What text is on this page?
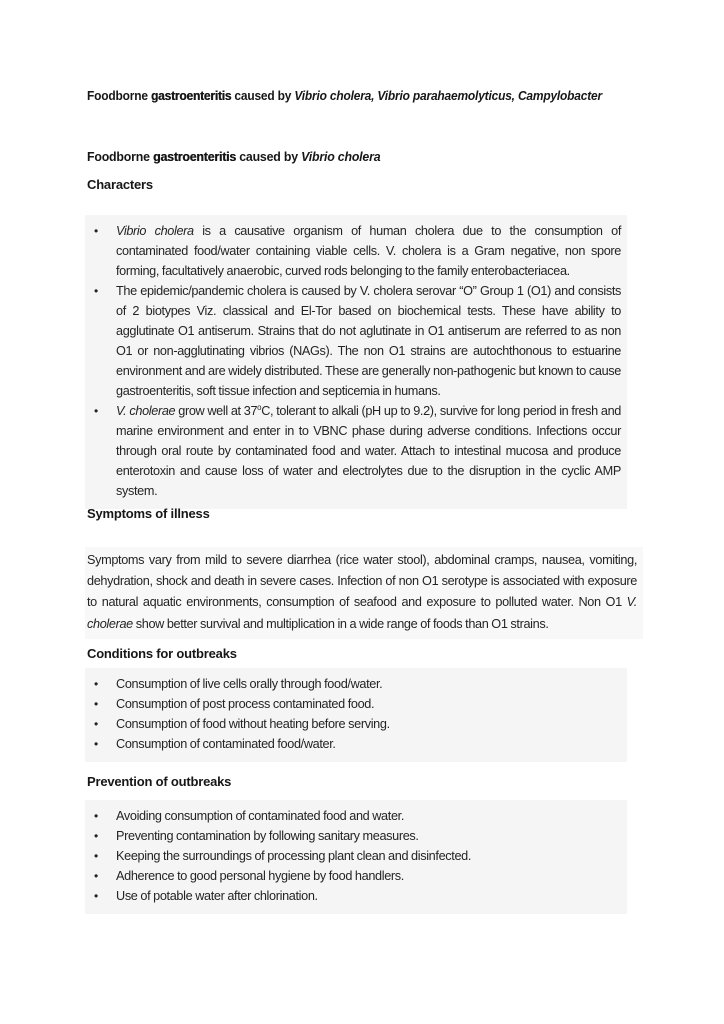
Foodborne gastroenteritis caused by Vibrio cholera, Vibrio parahaemolyticus, Campylobacter
Foodborne gastroenteritis caused by Vibrio cholera
Characters
• Vibrio cholera is a causative organism of human cholera due to the consumption of contaminated food/water containing viable cells. V. cholera is a Gram negative, non spore forming, facultatively anaerobic, curved rods belonging to the family enterobacteriacea.
• The epidemic/pandemic cholera is caused by V. cholera serovar “O” Group 1 (O1) and consists of 2 biotypes Viz. classical and El-Tor based on biochemical tests. These have ability to agglutinate O1 antiserum. Strains that do not aglutinate in O1 antiserum are referred to as non O1 or non-agglutinating vibrios (NAGs). The non O1 strains are autochthonous to estuarine environment and are widely distributed. These are generally non-pathogenic but known to cause gastroenteritis, soft tissue infection and septicemia in humans.
• V. cholerae grow well at 37$^o$C, tolerant to alkali (pH up to 9.2), survive for long period in fresh and marine environment and enter in to VBNC phase during adverse conditions. Infections occur through oral route by contaminated food and water. Attach to intestinal mucosa and produce enterotoxin and cause loss of water and electrolytes due to the disruption in the cyclic AMP system.
Symptoms of illness
Symptoms vary from mild to severe diarrhea (rice water stool), abdominal cramps, nausea, vomiting, dehydration, shock and death in severe cases. Infection of non O1 serotype is associated with exposure to natural aquatic environments, consumption of seafood and exposure to polluted water. Non O1 V. cholerae show better survival and multiplication in a wide range of foods than O1 strains.
Conditions for outbreaks
• Consumption of live cells orally through food/water.
• Consumption of post process contaminated food.
• Consumption of food without heating before serving.
• Consumption of contaminated food/water.
Prevention of outbreaks
• Avoiding consumption of contaminated food and water.
• Preventing contamination by following sanitary measures.
• Keeping the surroundings of processing plant clean and disinfected.
• Adherence to good personal hygiene by food handlers.
• Use of potable water after chlorination.
